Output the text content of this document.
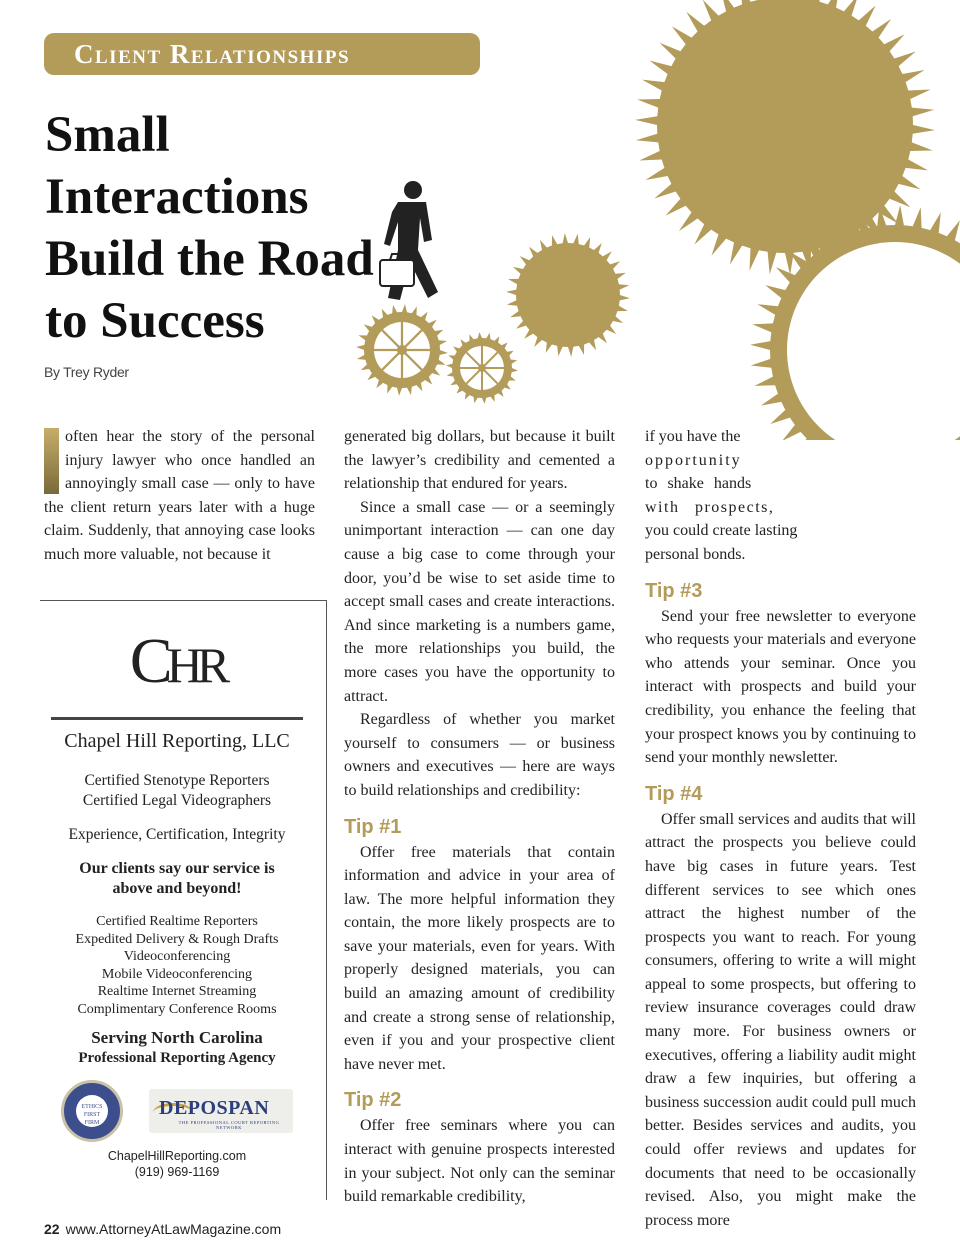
Client Relationships
Small
Interactions
Build the Road
to Success
By Trey Ryder

often hear the story of the personal injury lawyer who once handled an annoyingly small case — only to have the client return years later with a huge claim. Suddenly, that annoying case looks much more valuable, not because it

CHR
Chapel Hill Reporting, LLC
Certified Stenotype Reporters
Certified Legal Videographers
Experience, Certification, Integrity
Our clients say our service is
above and beyond!
Certified Realtime Reporters
Expedited Delivery & Rough Drafts
Videoconferencing
Mobile Videoconferencing
Realtime Internet Streaming
Complimentary Conference Rooms
Serving North Carolina
Professional Reporting Agency
ETHICS FIRST FIRM

DEPOSPAN
THE PROFESSIONAL COURT REPORTING NETWORK
ChapelHillReporting.com
(919) 969-1169

generated big dollars, but because it built the lawyer’s credibility and cemented a relationship that endured for years.

Since a small case — or a seemingly unimportant interaction — can one day cause a big case to come through your door, you’d be wise to set aside time to accept small cases and create interactions. And since marketing is a numbers game, the more relationships you build, the more cases you have the opportunity to attract.

Regardless of whether you market yourself to consumers — or business owners and executives — here are ways to build relationships and credibility:

Tip #1

Offer free materials that contain information and advice in your area of law. The more helpful information they contain, the more likely prospects are to save your materials, even for years. With properly designed materials, you can build an amazing amount of credibility and create a strong sense of relationship, even if you and your prospective client have never met.

Tip #2

Offer free seminars where you can interact with genuine prospects interested in your subject. Not only can the seminar build remarkable credibility,

if you have the
opportunity
to shake hands
with prospects,
you could create lasting
personal bonds.
Tip #3

Send your free newsletter to everyone who requests your materials and everyone who attends your seminar. Once you interact with prospects and build your credibility, you enhance the feeling that your prospect knows you by continuing to send your monthly newsletter.

Tip #4

Offer small services and audits that will attract the prospects you believe could have big cases in future years. Test different services to see which ones attract the highest number of the prospects you want to reach. For young consumers, offering to write a will might appeal to some prospects, but offering to review insurance coverages could draw many more. For business owners or executives, offering a liability audit might draw a few inquiries, but offering a business succession audit could pull much better. Besides services and audits, you could offer reviews and updates for documents that need to be occasionally revised. Also, you might make the process more

22 www.AttorneyAtLawMagazine.com
